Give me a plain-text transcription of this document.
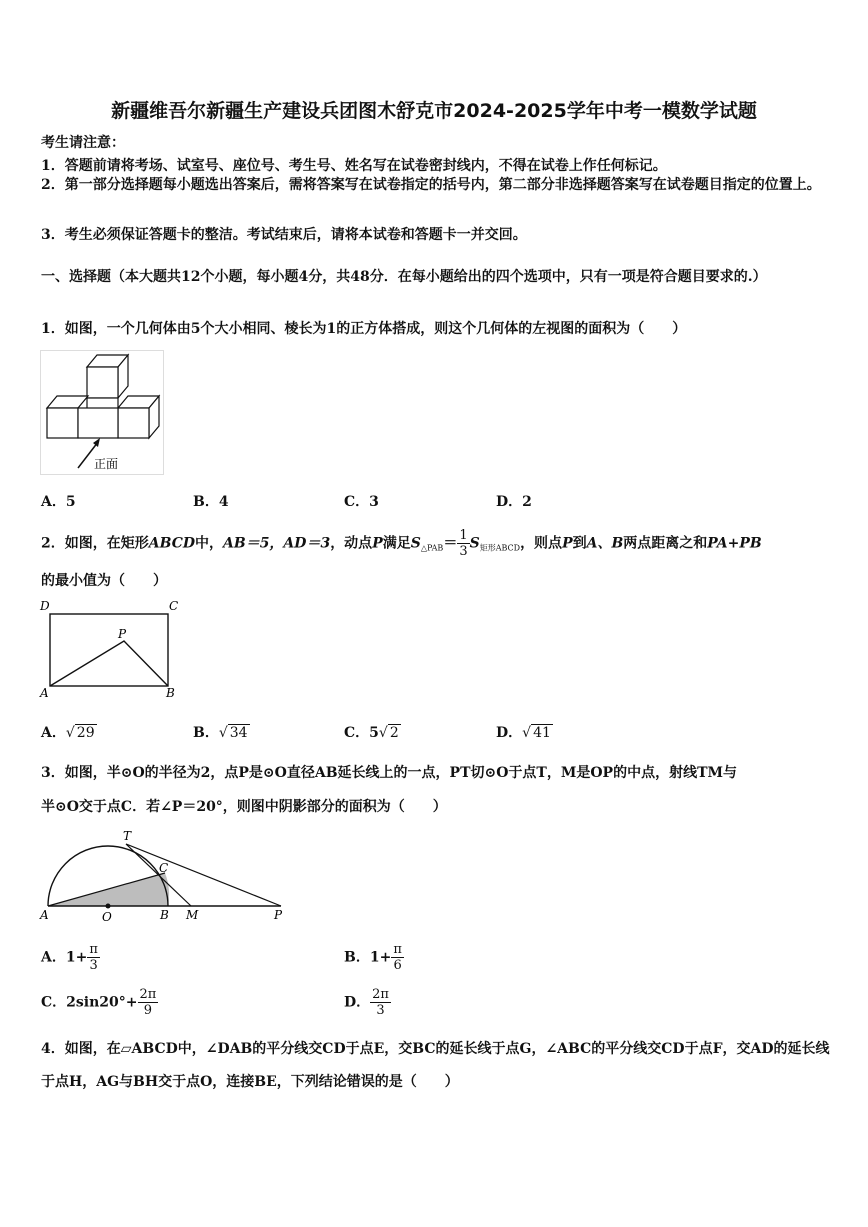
新疆维吾尔新疆生产建设兵团图木舒克市2024-2025学年中考一模数学试题
考生请注意：
1．答题前请将考场、试室号、座位号、考生号、姓名写在试卷密封线内，不得在试卷上作任何标记。
2．第一部分选择题每小题选出答案后，需将答案写在试卷指定的括号内，第二部分非选择题答案写在试卷题目指定的位置上。
3．考生必须保证答题卡的整洁。考试结束后，请将本试卷和答题卡一并交回。
一、选择题（本大题共12个小题，每小题4分，共48分．在每小题给出的四个选项中，只有一项是符合题目要求的.）
1．如图，一个几何体由5个大小相同、棱长为1的正方体搭成，则这个几何体的左视图的面积为（　　）
正面
A．5	B．4	C．3	D．2
2．如图，在矩形ABCD中，AB＝5，AD＝3，动点P满足$S_{\triangle PAB}= \frac{1}{3} S_{矩形ABCD}$，则点P到A、B两点距离之和PA+PB
的最小值为（　　）
D	C
P
A	B
A．√ 29	B．√ 34	C．5√ 2	D．√ 41
3．如图，半⊙O的半径为2，点P是⊙O直径AB延长线上的一点，PT切⊙O于点T，M是OP的中点，射线TM与
半⊙O交于点C．若∠P＝20°，则图中阴影部分的面积为（　　）
T
C
A	O	B M	P
A．$1+ \frac{\pi}{3}$	B．$1+ \frac{\pi}{6}$
C．$2\sin 20^\circ+ \frac{2\pi}{9}$	D． $\frac{2\pi}{3}$
4．如图，在▱ABCD中，∠DAB的平分线交CD于点E，交BC的延长线于点G，∠ABC的平分线交CD于点F，交AD的延长线于点H，AG与BH交于点O，连接BE，下列结论错误的是（　　）
